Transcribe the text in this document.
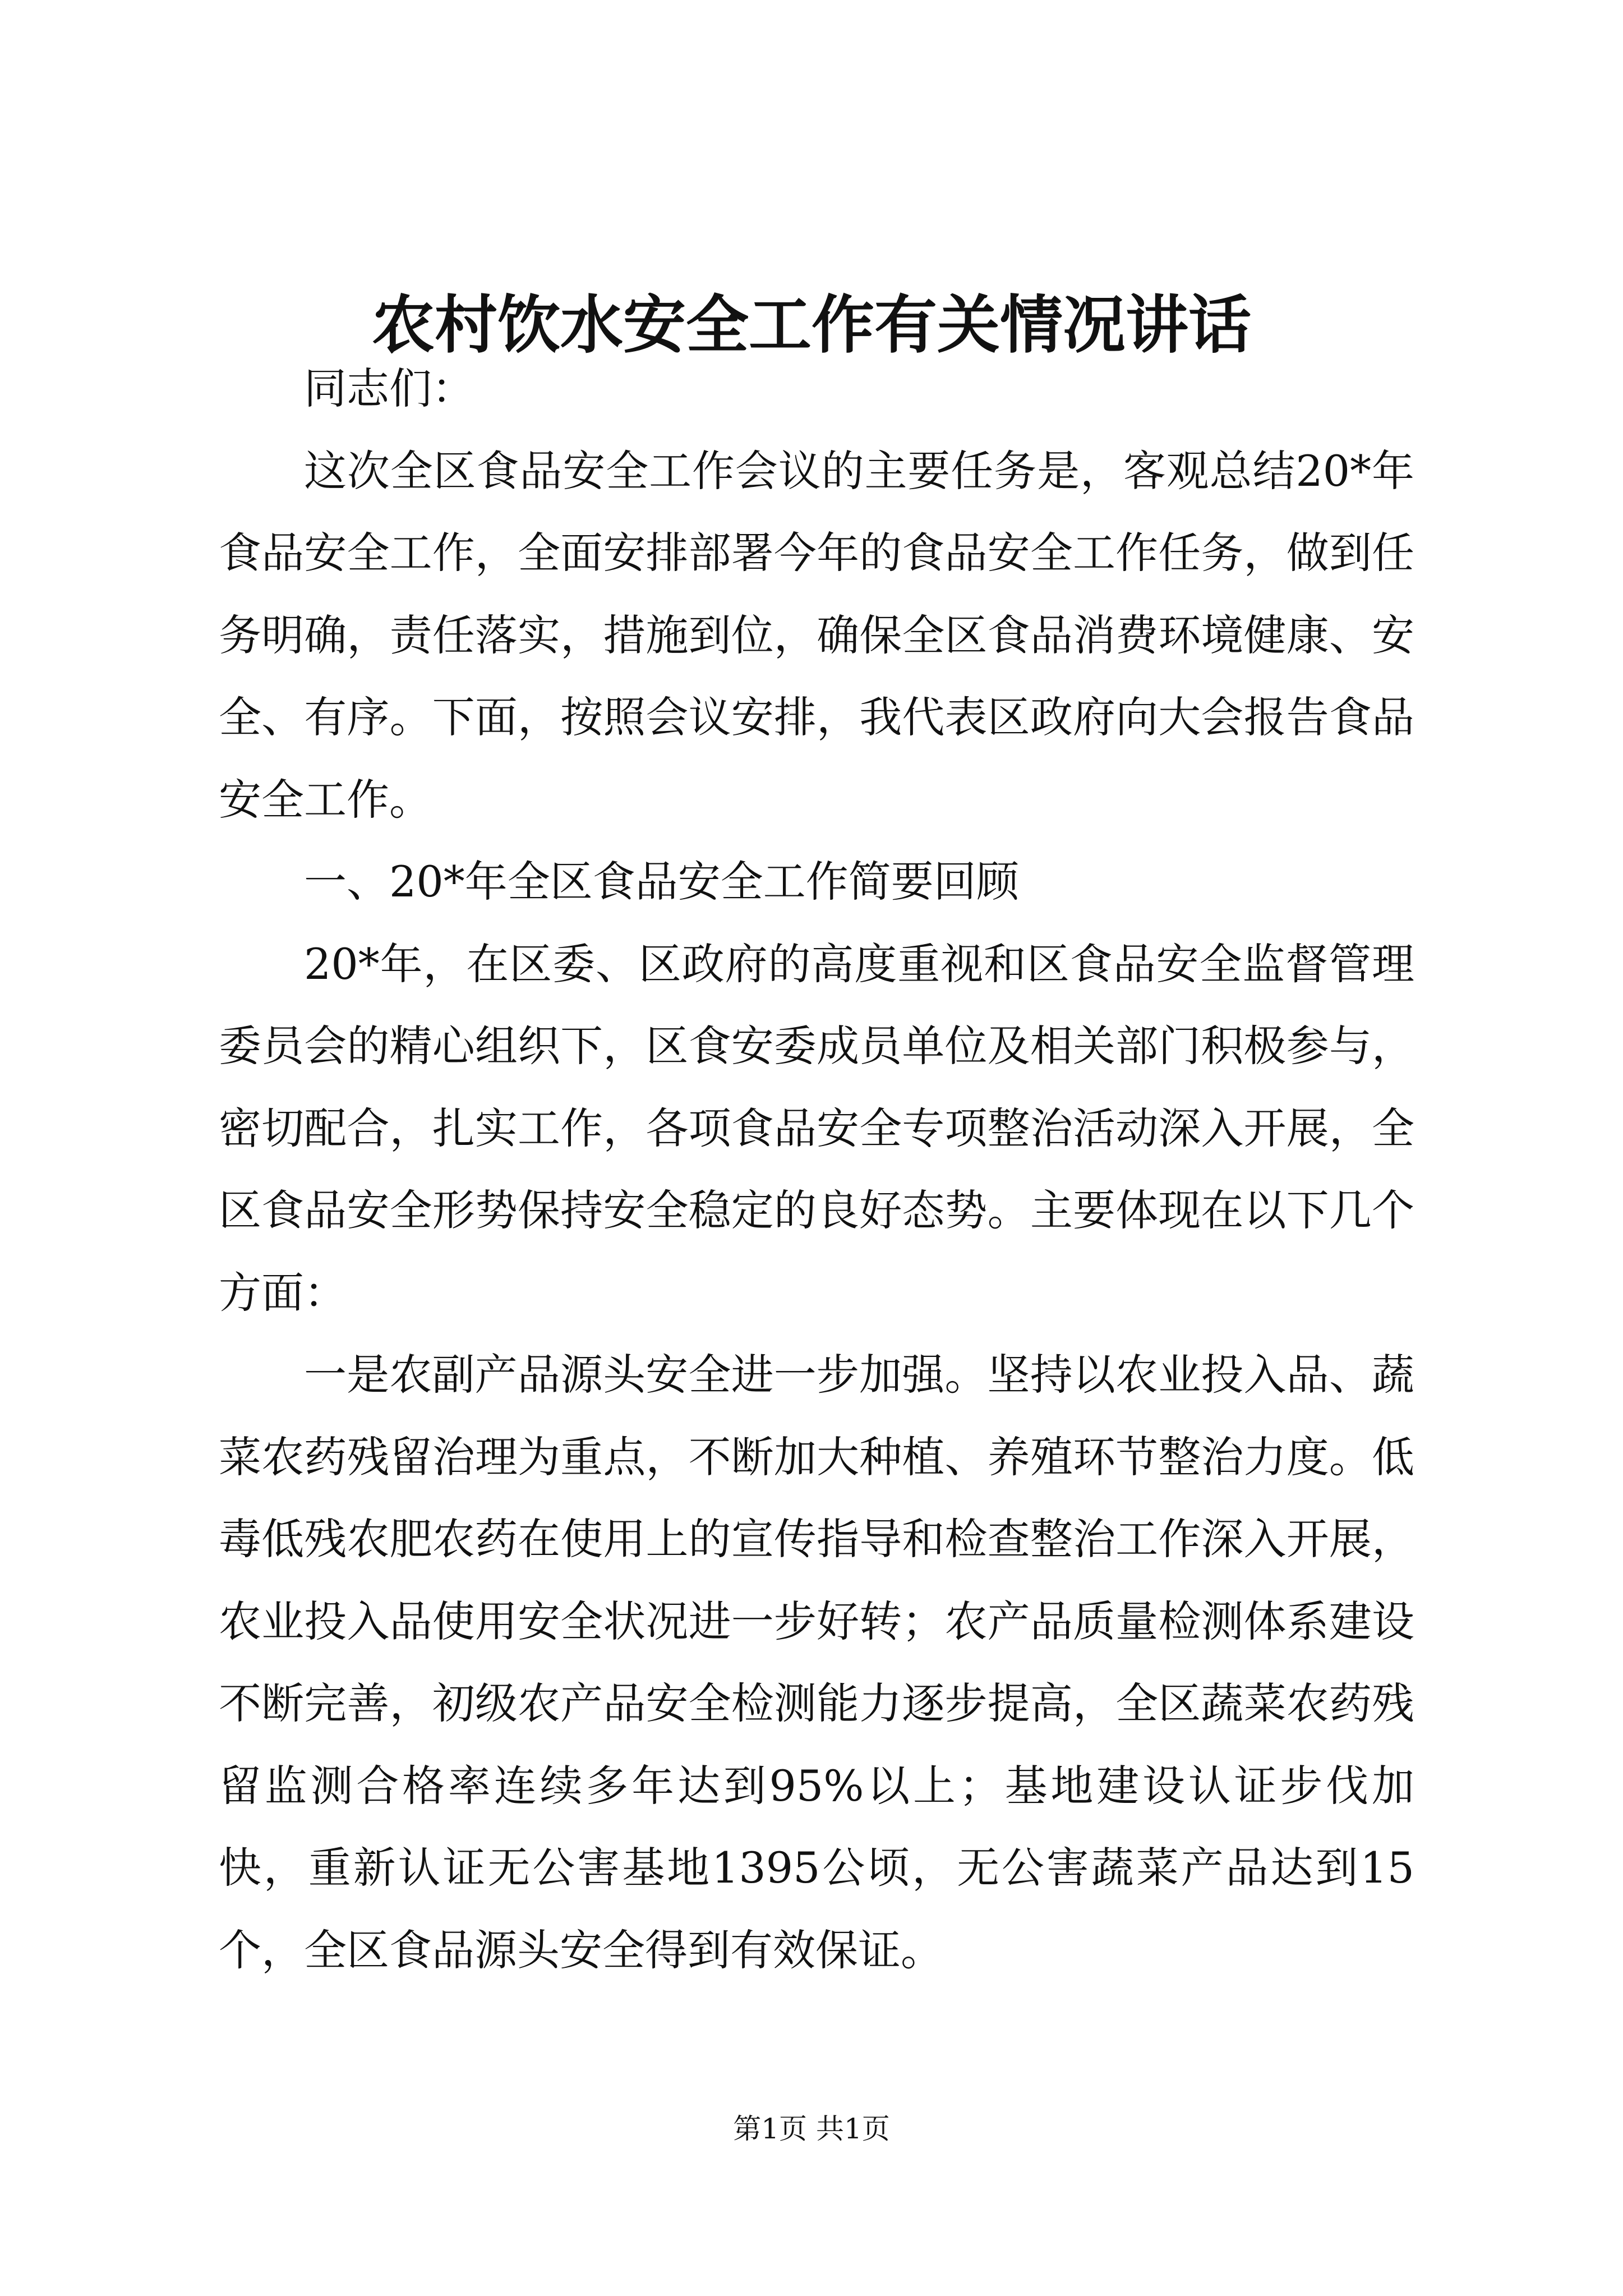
农村饮水安全工作有关情况讲话

同志们：

这次全区食品安全工作会议的主要任务是，客观总结20*年食品安全工作，全面安排部署今年的食品安全工作任务，做到任务明确，责任落实，措施到位，确保全区食品消费环境健康、安全、有序。下面，按照会议安排，我代表区政府向大会报告食品安全工作。

一、20*年全区食品安全工作简要回顾

20*年，在区委、区政府的高度重视和区食品安全监督管理委员会的精心组织下，区食安委成员单位及相关部门积极参与，密切配合，扎实工作，各项食品安全专项整治活动深入开展，全区食品安全形势保持安全稳定的良好态势。主要体现在以下几个方面：

一是农副产品源头安全进一步加强。坚持以农业投入品、蔬菜农药残留治理为重点，不断加大种植、养殖环节整治力度。低毒低残农肥农药在使用上的宣传指导和检查整治工作深入开展，农业投入品使用安全状况进一步好转；农产品质量检测体系建设不断完善，初级农产品安全检测能力逐步提高，全区蔬菜农药残留监测合格率连续多年达到95%以上；基地建设认证步伐加快，重新认证无公害基地1395公顷，无公害蔬菜产品达到15个，全区食品源头安全得到有效保证。

第1页 共1页
